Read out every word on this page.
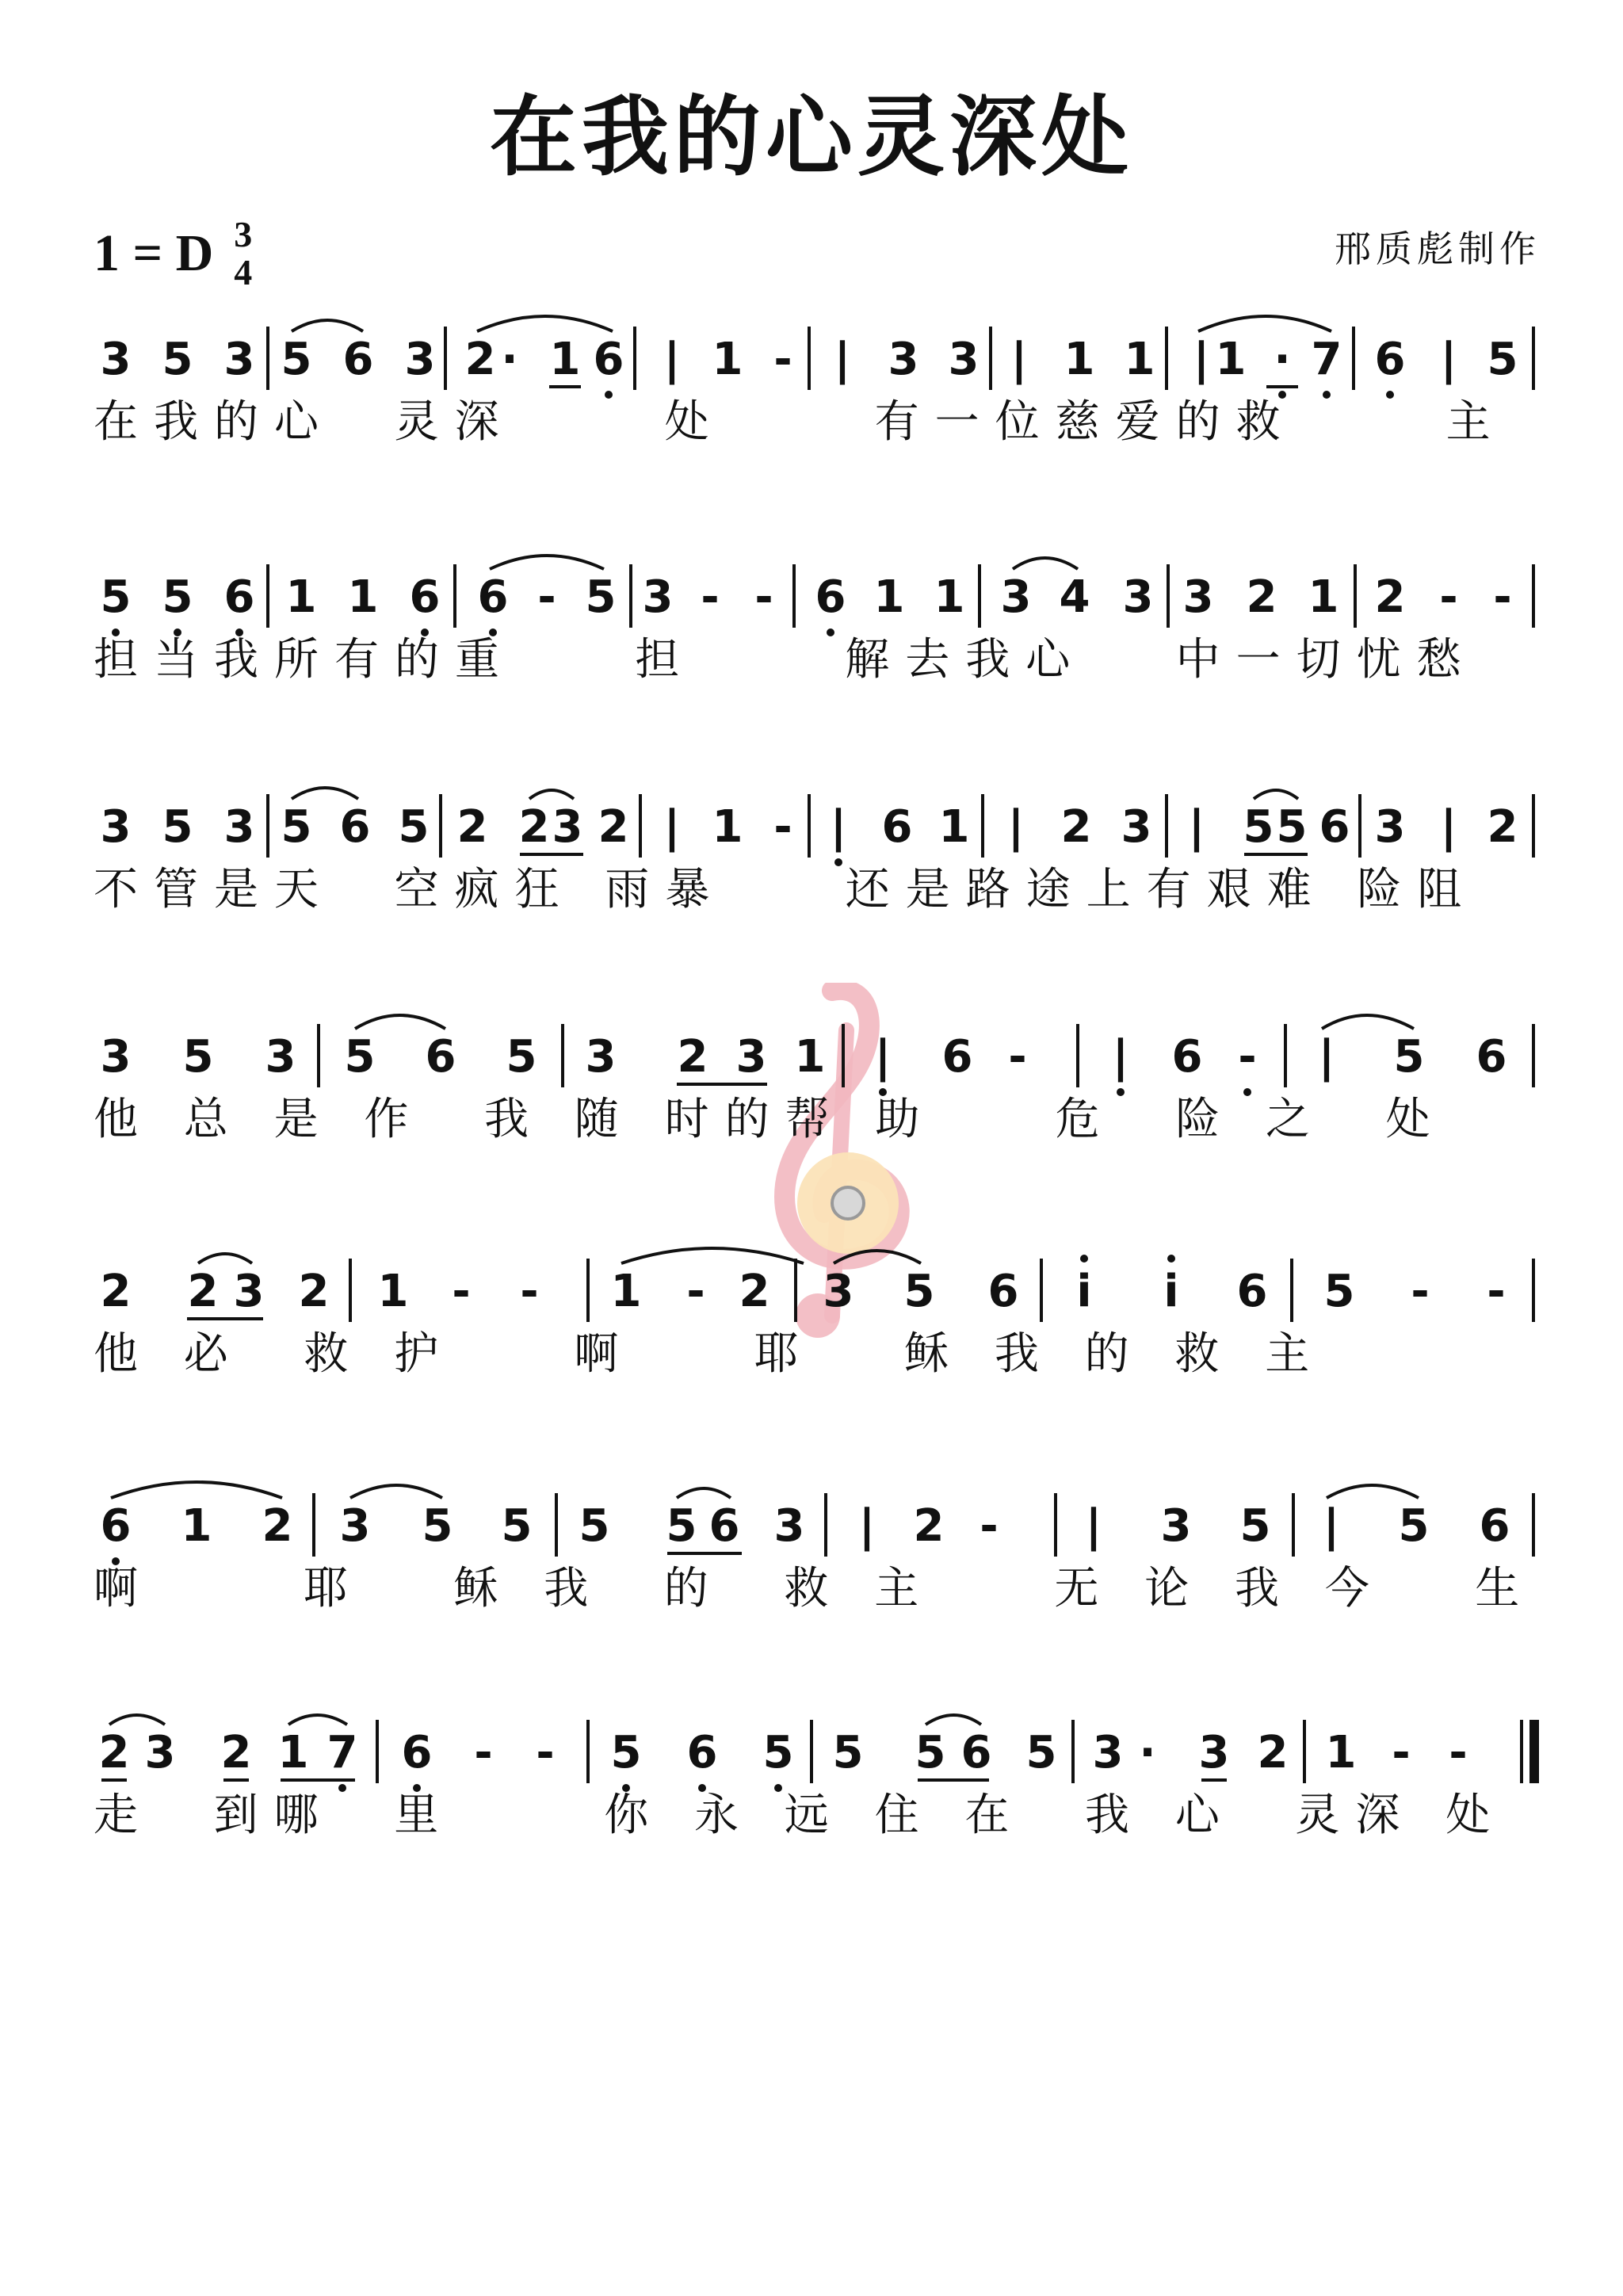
在我的心灵深处
1 = D 3
4
邢质彪制作
3 5 3 5 6 3 2 · 1 6 | 1 - | 3 3 | 1 1 | 1 · 7 6 | 5
在我的心  灵深     处     有一位慈爱的救     主
5 5 6 1 1 6 6 - 5 3 - - 6 1 1 3 4 3 3 2 1 2 - -
担当我所有的重    担     解去我心   中一切忧愁
3 5 3 5 6 5 2 2 3 2 | 1 - | 6 1 | 2 3 | 5 5 6 3 | 2
不管是天  空疯狂 雨暴    还是路途上有艰难 险阻
3 5 3 5 6 5 3 2 3 1 | 6 - | 6 - | 5 6
他 总 是 作  我 随 时的帮 助    危  险 之  处
2 2 3 2 1 - - 1 - 2 3 5 6 i i 6 5 - -
他 必  救 护    啊    耶   稣 我 的 救 主
6 1 2 3 5 5 5 5 6 3 | 2 - | 3 5 | 5 6
啊     耶   稣 我  的  救 主    无 论 我 今   生
2 3 2 1 7 6 - - 5 6 5 5 5 6 5 3 · 3 2 1 - -
走  到哪  里     你 永 远 住 在  我 心  灵深 处
